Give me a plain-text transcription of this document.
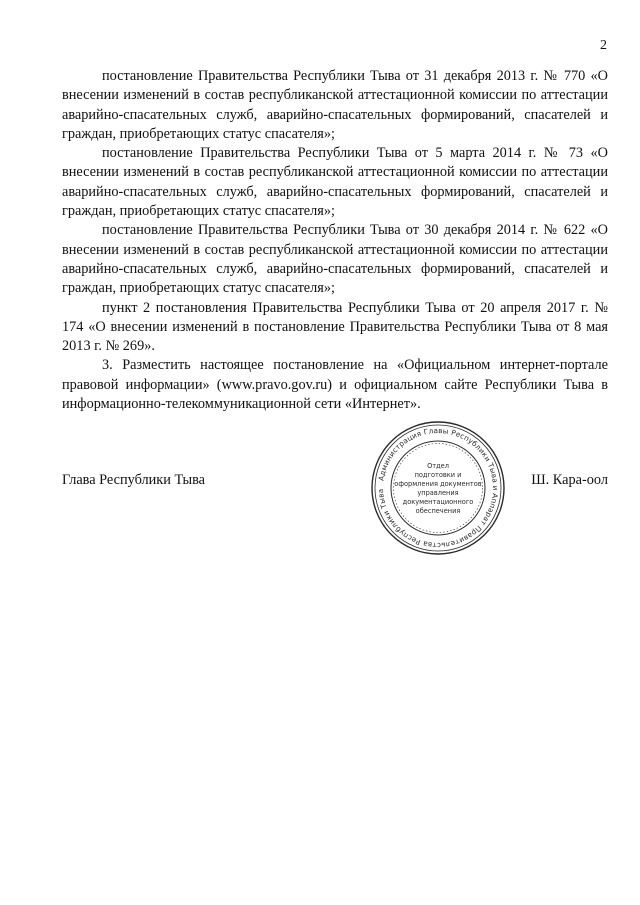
2

постановление Правительства Республики Тыва от 31 декабря 2013 г. № 770 «О внесении изменений в состав республиканской аттестационной комиссии по аттестации аварийно-спасательных служб, аварийно-спасательных формирований, спасателей и граждан, приобретающих статус спасателя»;

постановление Правительства Республики Тыва от 5 марта 2014 г. № 73 «О внесении изменений в состав республиканской аттестационной комиссии по аттестации аварийно-спасательных служб, аварийно-спасательных формирований, спасателей и граждан, приобретающих статус спасателя»;

постановление Правительства Республики Тыва от 30 декабря 2014 г. № 622 «О внесении изменений в состав республиканской аттестационной комиссии по аттестации аварийно-спасательных служб, аварийно-спасательных формирований, спасателей и граждан, приобретающих статус спасателя»;

пункт 2 постановления Правительства Республики Тыва от 20 апреля 2017 г. № 174 «О внесении изменений в постановление Правительства Республики Тыва от 8 мая 2013 г. № 269».

3. Разместить настоящее постановление на «Официальном интернет-портале правовой информации» (www.pravo.gov.ru) и официальном сайте Республики Тыва в информационно-телекоммуникационной сети «Интернет».

Глава Республики Тыва	Ш. Кара-оол
Администрация Главы Республики Тыва и Аппарат Правительства Республики Тыва
Отдел
подготовки и
оформления документов
управления
документационного
обеспечения
